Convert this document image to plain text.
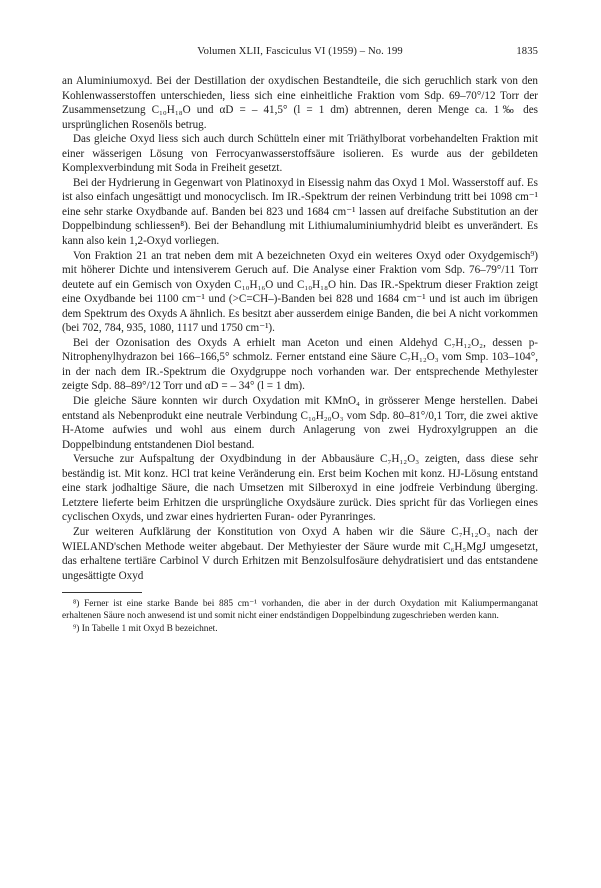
Volumen XLII, Fasciculus VI (1959) – No. 199	1835

an Aluminiumoxyd. Bei der Destillation der oxydischen Bestandteile, die sich geruchlich stark von den Kohlenwasserstoffen unterschieden, liess sich eine einheitliche Fraktion vom Sdp. 69–70°/12 Torr der Zusammensetzung C₁₀H₁₈O und αD = – 41,5° (l = 1 dm) abtrennen, deren Menge ca. 1‰ des ursprünglichen Rosenöls betrug.

Das gleiche Oxyd liess sich auch durch Schütteln einer mit Triäthylborat vorbehandelten Fraktion mit einer wässerigen Lösung von Ferrocyanwasserstoffsäure isolieren. Es wurde aus der gebildeten Komplexverbindung mit Soda in Freiheit gesetzt.

Bei der Hydrierung in Gegenwart von Platinoxyd in Eisessig nahm das Oxyd 1 Mol. Wasserstoff auf. Es ist also einfach ungesättigt und monocyclisch. Im IR.-Spektrum der reinen Verbindung tritt bei 1098 cm⁻¹ eine sehr starke Oxydbande auf. Banden bei 823 und 1684 cm⁻¹ lassen auf dreifache Substitution an der Doppelbindung schliessen⁸). Bei der Behandlung mit Lithiumaluminiumhydrid bleibt es unverändert. Es kann also kein 1,2-Oxyd vorliegen.

Von Fraktion 21 an trat neben dem mit A bezeichneten Oxyd ein weiteres Oxyd oder Oxydgemisch⁹) mit höherer Dichte und intensiverem Geruch auf. Die Analyse einer Fraktion vom Sdp. 76–79°/11 Torr deutete auf ein Gemisch von Oxyden C₁₀H₁₆O und C₁₀H₁₈O hin. Das IR.-Spektrum dieser Fraktion zeigt eine Oxydbande bei 1100 cm⁻¹ und (>C=CH–)-Banden bei 828 und 1684 cm⁻¹ und ist auch im übrigen dem Spektrum des Oxyds A ähnlich. Es besitzt aber ausserdem einige Banden, die bei A nicht vorkommen (bei 702, 784, 935, 1080, 1117 und 1750 cm⁻¹).

Bei der Ozonisation des Oxyds A erhielt man Aceton und einen Aldehyd C₇H₁₂O₂, dessen p-Nitrophenylhydrazon bei 166–166,5° schmolz. Ferner entstand eine Säure C₇H₁₂O₃ vom Smp. 103–104°, in der nach dem IR.-Spektrum die Oxydgruppe noch vorhanden war. Der entsprechende Methylester zeigte Sdp. 88–89°/12 Torr und αD = – 34° (l = 1 dm).

Die gleiche Säure konnten wir durch Oxydation mit KMnO₄ in grösserer Menge herstellen. Dabei entstand als Nebenprodukt eine neutrale Verbindung C₁₀H₂₀O₃ vom Sdp. 80–81°/0,1 Torr, die zwei aktive H-Atome aufwies und wohl aus einem durch Anlagerung von zwei Hydroxylgruppen an die Doppelbindung entstandenen Diol bestand.

Versuche zur Aufspaltung der Oxydbindung in der Abbausäure C₇H₁₂O₃ zeigten, dass diese sehr beständig ist. Mit konz. HCl trat keine Veränderung ein. Erst beim Kochen mit konz. HJ-Lösung entstand eine stark jodhaltige Säure, die nach Umsetzen mit Silberoxyd in eine jodfreie Verbindung überging. Letztere lieferte beim Erhitzen die ursprüngliche Oxydsäure zurück. Dies spricht für das Vorliegen eines cyclischen Oxyds, und zwar eines hydrierten Furan- oder Pyranringes.

Zur weiteren Aufklärung der Konstitution von Oxyd A haben wir die Säure C₇H₁₂O₃ nach der WIELAND'schen Methode weiter abgebaut. Der Methyiester der Säure wurde mit C₆H₅MgJ umgesetzt, das erhaltene tertiäre Carbinol V durch Erhitzen mit Benzolsulfosäure dehydratisiert und das entstandene ungesättigte Oxyd

⁸) Ferner ist eine starke Bande bei 885 cm⁻¹ vorhanden, die aber in der durch Oxydation mit Kaliumpermanganat erhaltenen Säure noch anwesend ist und somit nicht einer endständigen Doppelbindung zugeschrieben werden kann.

⁹) In Tabelle 1 mit Oxyd B bezeichnet.
